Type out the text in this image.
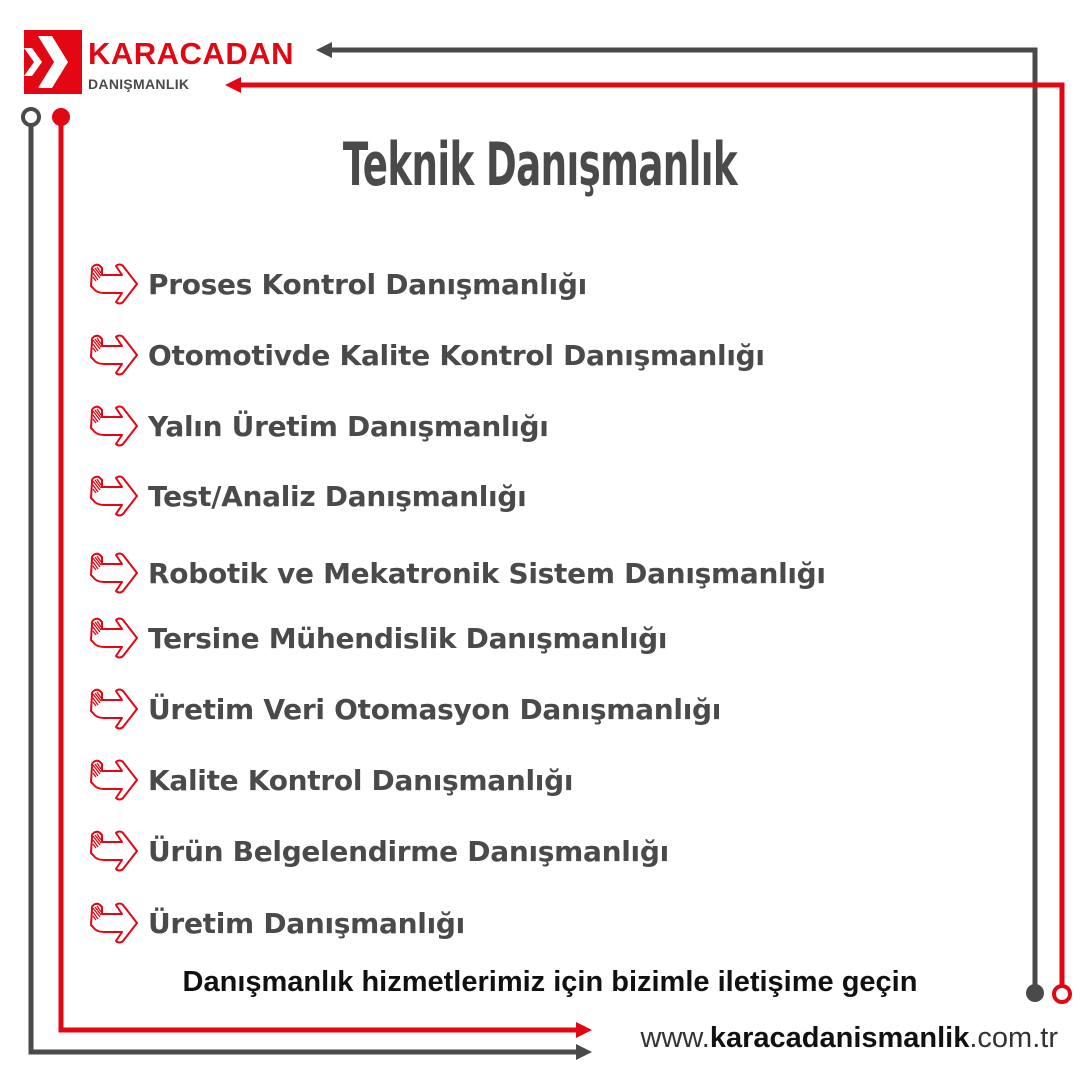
KARACADAN
DANIŞMANLIK
Teknik Danışmanlık
Proses Kontrol Danışmanlığı
Otomotivde Kalite Kontrol Danışmanlığı
Yalın Üretim Danışmanlığı
Test/Analiz Danışmanlığı
Robotik ve Mekatronik Sistem Danışmanlığı
Tersine Mühendislik Danışmanlığı
Üretim Veri Otomasyon Danışmanlığı
Kalite Kontrol Danışmanlığı
Ürün Belgelendirme Danışmanlığı
Üretim Danışmanlığı
Danışmanlık hizmetlerimiz için bizimle iletişime geçin
www.karacadanismanlik.com.tr
